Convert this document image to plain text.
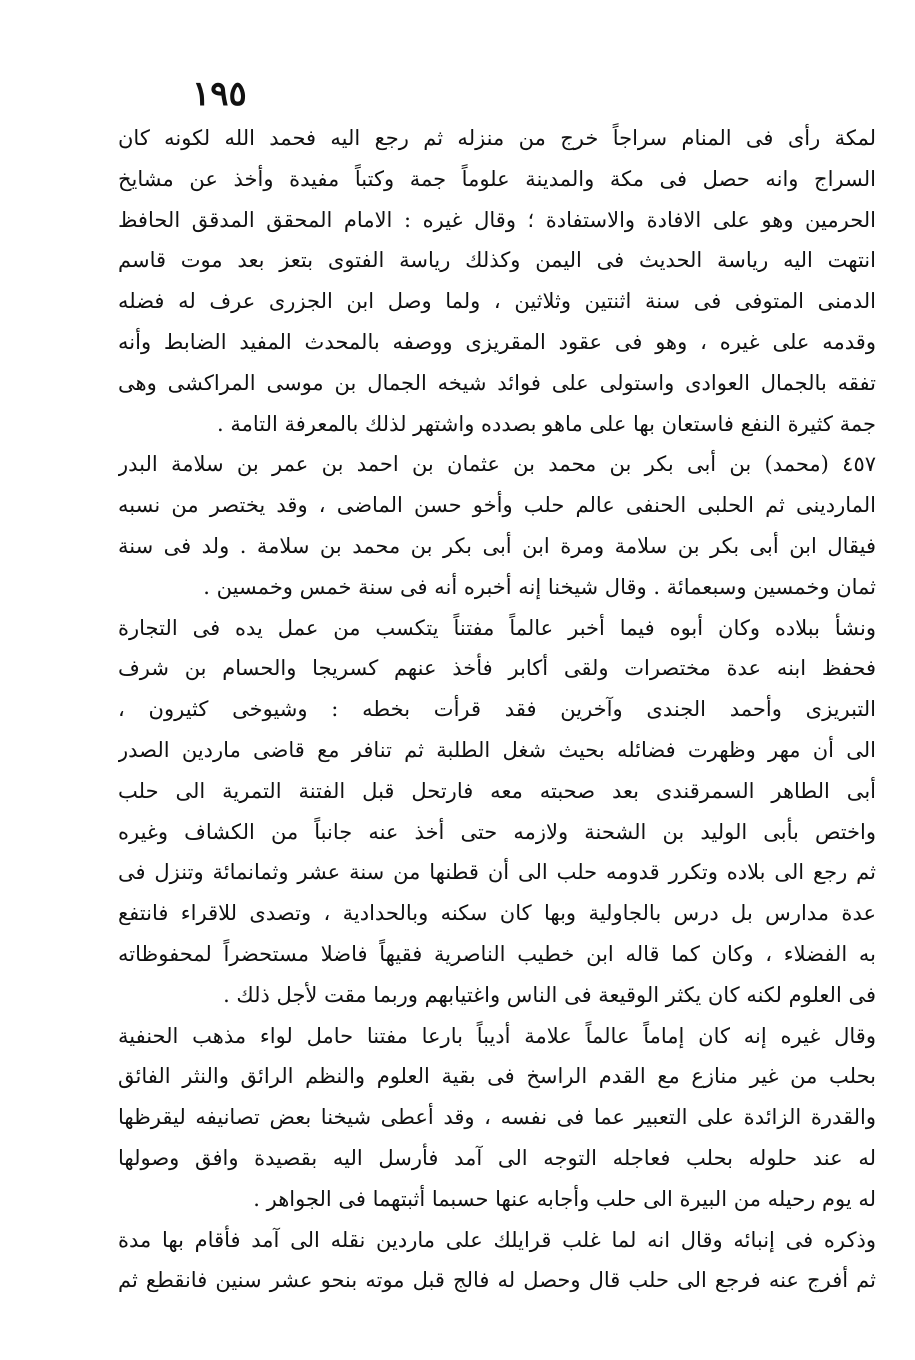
١٩٥
لمكة رأى فى المنام سراجاً خرج من منزله ثم رجع اليه فحمد الله لكونه كان
السراج وانه حصل فى مكة والمدينة علوماً جمة وكتباً مفيدة وأخذ عن مشايخ
الحرمين وهو على الافادة والاستفادة ؛ وقال غيره : الامام المحقق المدقق الحافظ
انتهت اليه رياسة الحديث فى اليمن وكذلك رياسة الفتوى بتعز بعد موت قاسم
الدمنى المتوفى فى سنة اثنتين وثلاثين ، ولما وصل ابن الجزرى عرف له فضله
وقدمه على غيره ، وهو فى عقود المقريزى ووصفه بالمحدث المفيد الضابط وأنه
تفقه بالجمال العوادى واستولى على فوائد شيخه الجمال بن موسى المراكشى وهى
جمة كثيرة النفع فاستعان بها على ماهو بصدده واشتهر لذلك بالمعرفة التامة .
٤٥٧ (محمد) بن أبى بكر بن محمد بن عثمان بن احمد بن عمر بن سلامة البدر
الماردينى ثم الحلبى الحنفى عالم حلب وأخو حسن الماضى ، وقد يختصر من نسبه
فيقال ابن أبى بكر بن سلامة ومرة ابن أبى بكر بن محمد بن سلامة . ولد فى سنة
ثمان وخمسين وسبعمائة . وقال شيخنا إنه أخبره أنه فى سنة خمس وخمسين .
ونشأ ببلاده وكان أبوه فيما أخبر عالماً مفتناً يتكسب من عمل يده فى التجارة
فحفظ ابنه عدة مختصرات ولقى أكابر فأخذ عنهم كسريجا والحسام بن شرف
التبريزى وأحمد الجندى وآخرين فقد قرأت بخطه : وشيوخى كثيرون ،
الى أن مهر وظهرت فضائله بحيث شغل الطلبة ثم تنافر مع قاضى ماردين الصدر
أبى الطاهر السمرقندى بعد صحبته معه فارتحل قبل الفتنة التمرية الى حلب
واختص بأبى الوليد بن الشحنة ولازمه حتى أخذ عنه جانباً من الكشاف وغيره
ثم رجع الى بلاده وتكرر قدومه حلب الى أن قطنها من سنة عشر وثمانمائة وتنزل فى
عدة مدارس بل درس بالجاولية وبها كان سكنه وبالحدادية ، وتصدى للاقراء فانتفع
به الفضلاء ، وكان كما قاله ابن خطيب الناصرية فقيهاً فاضلا مستحضراً لمحفوظاته
فى العلوم لكنه كان يكثر الوقيعة فى الناس واغتيابهم وربما مقت لأجل ذلك .
وقال غيره إنه كان إماماً عالماً علامة أديباً بارعا مفتنا حامل لواء مذهب الحنفية
بحلب من غير منازع مع القدم الراسخ فى بقية العلوم والنظم الرائق والنثر الفائق
والقدرة الزائدة على التعبير عما فى نفسه ، وقد أعطى شيخنا بعض تصانيفه ليقرظها
له عند حلوله بحلب فعاجله التوجه الى آمد فأرسل اليه بقصيدة وافق وصولها
له يوم رحيله من البيرة الى حلب وأجابه عنها حسبما أثبتهما فى الجواهر .
وذكره فى إنبائه وقال انه لما غلب قرايلك على ماردين نقله الى آمد فأقام بها مدة
ثم أفرج عنه فرجع الى حلب قال وحصل له فالج قبل موته بنحو عشر سنين فانقطع ثم
